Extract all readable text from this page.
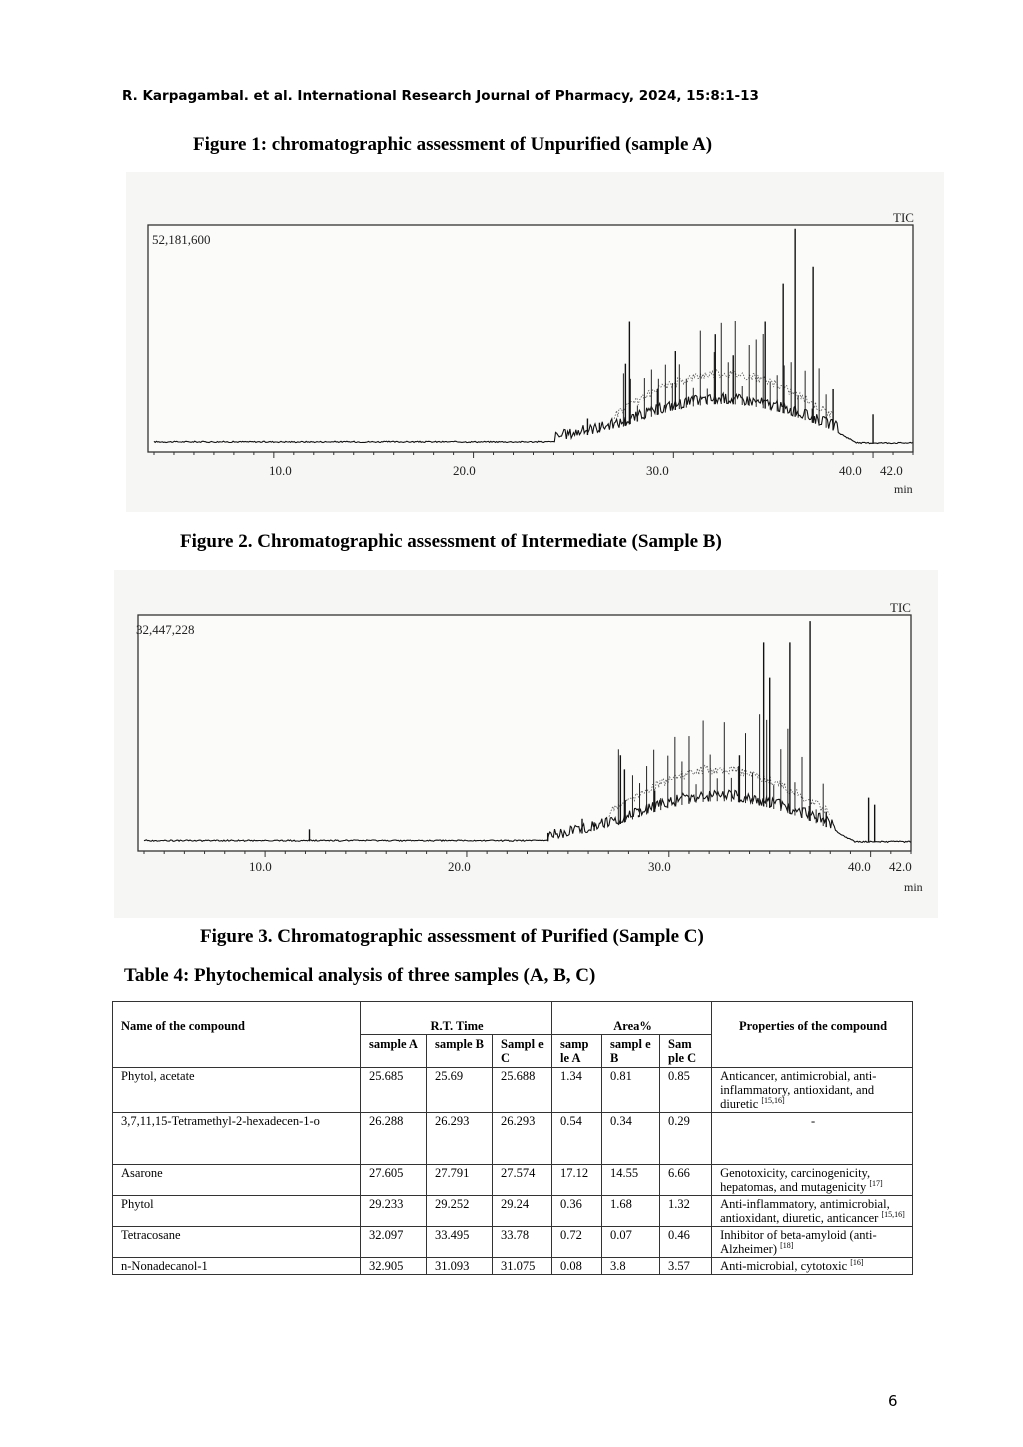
R. Karpagambal. et al. International Research Journal of Pharmacy, 2024, 15:8:1-13
Figure 1: chromatographic assessment of Unpurified (sample A)
52,181,600
TIC
10.0	20.0	30.0	40.0 42.0
min
Figure 2. Chromatographic assessment of Intermediate (Sample B)
32,447,228
TIC
10.0	20.0	30.0	40.0 42.0
min
Figure 3. Chromatographic assessment of Purified (Sample C)
Table 4: Phytochemical analysis of three samples (A, B, C)
Name of the compound	R.T. Time			Area%			Properties of the compound
	sample A	sample B	Sampl e C	samp le A	sampl e B	Sam ple C	
Phytol, acetate	25.685	25.69	25.688	1.34	0.81	0.85	Anticancer, antimicrobial, anti-inflammatory, antioxidant, and diuretic [15,16]
3,7,11,15-Tetramethyl-2-hexadecen-1-o	26.288	26.293	26.293	0.54	0.34	0.29	-
Asarone	27.605	27.791	27.574	17.12	14.55	6.66	Genotoxicity, carcinogenicity, hepatomas, and mutagenicity [17]
Phytol	29.233	29.252	29.24	0.36	1.68	1.32	Anti-inflammatory, antimicrobial, antioxidant, diuretic, anticancer [15,16]
Tetracosane	32.097	33.495	33.78	0.72	0.07	0.46	Inhibitor of beta-amyloid (anti-Alzheimer) [18]
n-Nonadecanol-1	32.905	31.093	31.075	0.08	3.8	3.57	Anti-microbial, cytotoxic [16]
6
